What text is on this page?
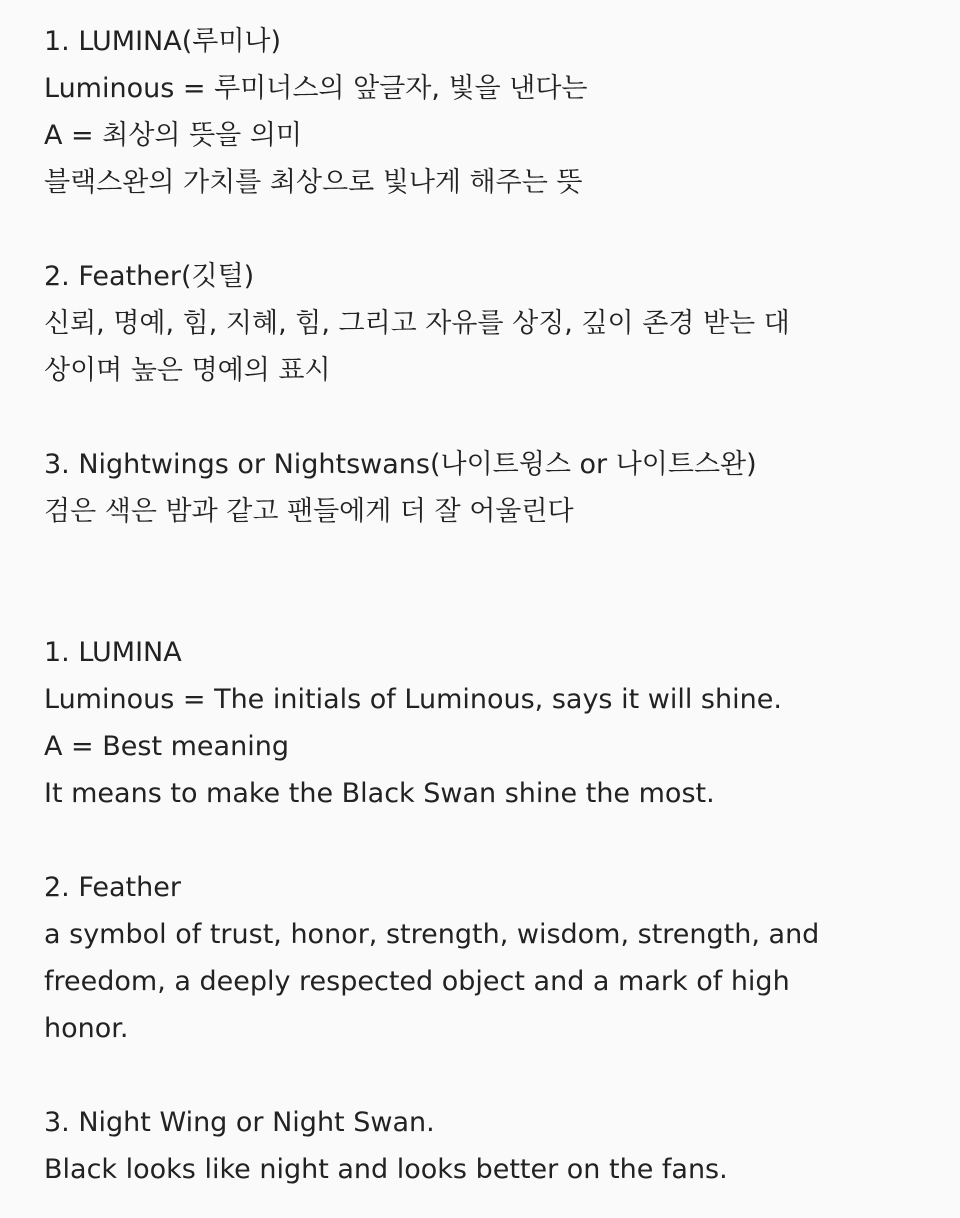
1. LUMINA(루미나)
Luminous = 루미너스의 앞글자, 빛을 낸다는
A = 최상의 뜻을 의미
블랙스완의 가치를 최상으로 빛나게 해주는 뜻
2. Feather(깃털)
신뢰, 명예, 힘, 지혜, 힘, 그리고 자유를 상징, 깊이 존경 받는 대
상이며 높은 명예의 표시
3. Nightwings or Nightswans(나이트윙스 or 나이트스완)
검은 색은 밤과 같고 팬들에게 더 잘 어울린다
1. LUMINA
Luminous = The initials of Luminous, says it will shine.
A = Best meaning
It means to make the Black Swan shine the most.
2. Feather
a symbol of trust, honor, strength, wisdom, strength, and
freedom, a deeply respected object and a mark of high
honor.
3. Night Wing or Night Swan.
Black looks like night and looks better on the fans.
